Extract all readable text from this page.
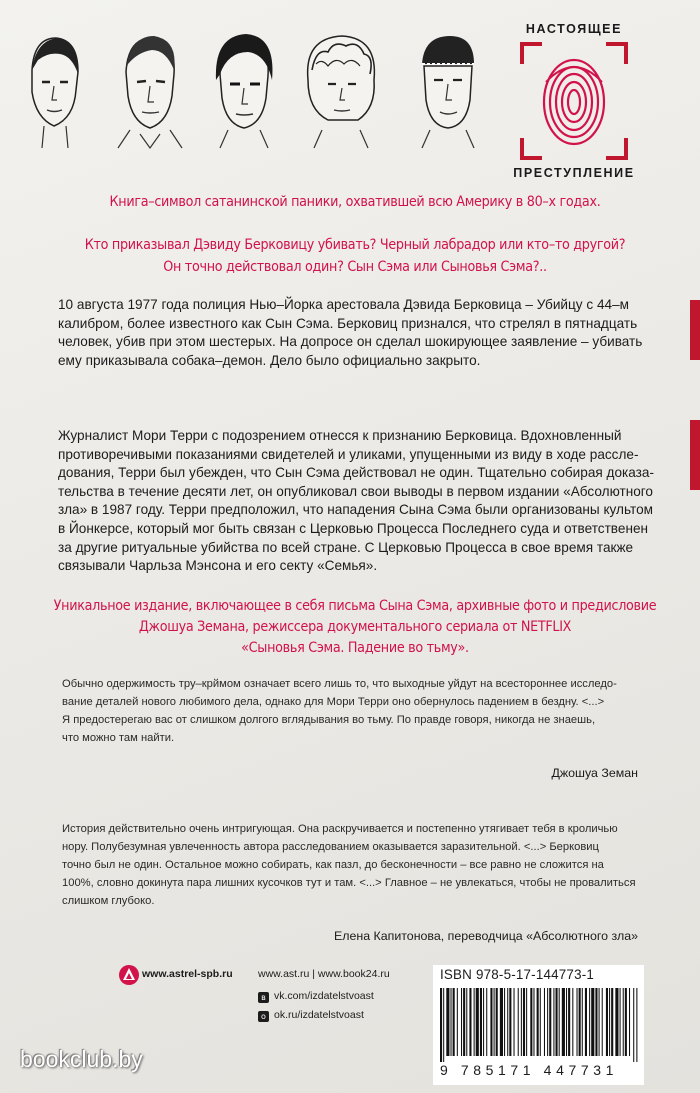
НАСТОЯЩЕЕ
ПРЕСТУПЛЕНИЕ
Книга–символ сатанинской паники, охватившей всю Америку в 80–х годах.
Кто приказывал Дэвиду Берковицу убивать? Черный лабрадор или кто–то другой?
Он точно действовал один? Сын Сэма или Сыновья Сэма?..
10 августа 1977 года полиция Нью–Йорка арестовала Дэвида Берковица – Убийцу с 44–м
калибром, более известного как Сын Сэма. Берковиц признался, что стрелял в пятнадцать
человек, убив при этом шестерых. На допросе он сделал шокирующее заявление – убивать
ему приказывала собака–демон. Дело было официально закрыто.
Журналист Мори Терри с подозрением отнесся к признанию Берковица. Вдохновленный
противоречивыми показаниями свидетелей и уликами, упущенными из виду в ходе рассле-
дования, Терри был убежден, что Сын Сэма действовал не один. Тщательно собирая доказа-
тельства в течение десяти лет, он опубликовал свои выводы в первом издании «Абсолютного
зла» в 1987 году. Терри предположил, что нападения Сына Сэма были организованы культом
в Йонкерсе, который мог быть связан с Церковью Процесса Последнего суда и ответственен
за другие ритуальные убийства по всей стране. С Церковью Процесса в свое время также
связывали Чарльза Мэнсона и его секту «Семья».
Уникальное издание, включающее в себя письма Сына Сэма, архивные фото и предисловие
Джошуа Земана, режиссера документального сериала от NETFLIX
«Сыновья Сэма. Падение во тьму».
Обычно одержимость тру–крймом означает всего лишь то, что выходные уйдут на всестороннее исследо-
вание деталей нового любимого дела, однако для Мори Терри оно обернулось падением в бездну. <...>
Я предостерегаю вас от слишком долгого вглядывания во тьму. По правде говоря, никогда не знаешь,
что можно там найти.
Джошуа Земан
История действительно очень интригующая. Она раскручивается и постепенно утягивает тебя в кроличью
нору. Полубезумная увлеченность автора расследованием оказывается заразительной. <...> Берковиц
точно был не один. Остальное можно собирать, как пазл, до бесконечности – все равно не сложится на
100%, словно докинута пара лишних кусочков тут и там. <...> Главное – не увлекаться, чтобы не провалиться
слишком глубоко.
Елена Капитонова, переводчица «Абсолютного зла»
www.astrel-spb.ru www.ast.ru | www.book24.ru
в vk.com/izdatelstvoast
о ok.ru/izdatelstvoast
ISBN 978-5-17-144773-1
9 785171 447731
bookclub.by
